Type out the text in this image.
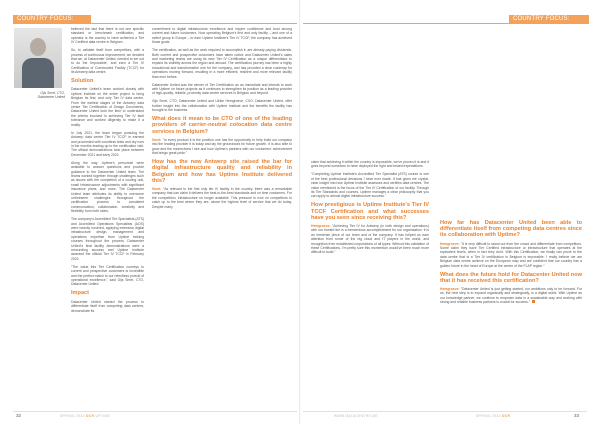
COUNTRY FOCUS:	COUNTRY FOCUS: BELGIUM
Gijs Smet, CTO,
Datacenter United

believed the fact that there is not one specific standard or benchmark certification, and operator is the country to have achieved a Tier IV Certified data centre in Belgium.

So, to validate itself from competitors, with a process of continuous improvement, we decided that we, at Datacenter United, needed to set out to do the 'impossible', and earn a Tier IV Certification of Constructed Facility (TCCF) for its Antwerp data centre.

Solution

Datacenter United's team worked closely with Uptime Institute on the entire project to bring Belgium its first, and only Tier IV data centre. From the earliest stages of the Antwerp data centre Tier Certification of Design Documents, Datacenter United took the time to understand the criteria involved in achieving Tier IV fault tolerance and worked diligently to make it a reality.

In July 2021, the team began pursuing the Antwerp data centre Tier IV TCCF in earnest and proceeded with countless tests and dry runs in the months leading up to the certification visit. The official demonstrations took place between December 2021 and early 2022.

Along the way, Uptime's personnel were available to answer questions and provide guidance to the Datacenter United team. The teams worked together through challenges such as issues with the completion of a cooling unit, small infrastructure adjustments with significant insurance plans, and more. The Datacenter United team attributes its ability to overcome unforeseen challenges throughout the certification process to consistent communication, collaboration, creativity and flexibility from both sides.

The company's Accredited Tier Specialists (ATS) and Accredited Operations Specialists (AOS) were heavily involved, applying extensive digital infrastructure design, management and operations expertise from Uptime training courses throughout the process. Datacenter United's final facility demonstrations were a resounding success and Uptime Institute awarded the official Tier IV TCCF in February 2022.

"The value this Tier Certification conveys to current and prospective customers is incredible and the perfect match to our relentless pursuit of operational excellence," said Gijs Smet, CTO, Datacenter United.

Impact

Datacenter United started the process to differentiate itself from competing data centres, demonstrate its

commitment to digital infrastructure excellence and inspire confidence and trust among current and future customers. Now operating Belgium's first and only facility – and one of a select group in Europe – to earn Uptime Institute's Tier IV TCCF, the company has achieved those goals.

The certification, as well as the work required to accomplish it, are already paying dividends. Both current and prospective customers have taken notice and Datacenter United's sales and marketing teams are using its new Tier IV Certification as a unique differentiator to expand its visibility across the region and abroad. The certification journey has been a highly educational and transformative one for the company, and has provided a clear roadmap for operations moving forward, resulting in a more efficient, resilient and more relevant facility than ever before.

Datacenter United was the winner of Tier Certification as an immediate and intends to work with Uptime on future projects as it continues to strengthen its position as a leading provider of high-quality, reliable, proximity data centre services in Belgium and beyond.

Gijs Smet, CTO, Datacenter United and Ulrike Hemgroeve, CXO, Datacenter United, offer further insight into the collaboration with Uptime Institute and the benefits the facility has brought to the business.

What does it mean to be CTO of one of the leading providers of carrier-neutral colocation data centre services in Belgium?

Smet: "In every product it is the position one has the opportunity to help build our company into the leading provider it is today and lay the groundwork for future growth. It is also able to grow and the connections I see and how Uptime's partners with our customers' achievement that brings great pride."

How has the new Antwerp site raised the bar for digital infrastructure quality and reliability in Belgium and how has Uptime Institute delivered this?

Smet: "As relevant to the first only tier IV facility in the country, there was a remarkable company that can claim it delivers the best-in-the-best standards and on time customers. For the competition, infrastructure no longer available. This pressure is now on competitors to catch up to the best where they are, above the highest level of service that we do today. Despite many

claim that achieving it within the country is impossible, we've proven it is and it goes beyond ourselves to have deployed the right and tested expectations.

"Completing Uptime Institute's Accredited Tier Specialist (ATS) course is one of the best professional decisions I have ever made. It has given me crystal-clear insight into how Uptime Institute assesses and certifies data centres. The value mentioned is the focus of the Tier IV Certification of our facility. Through its Tier Standards and courses, Uptime manages a clear philosophy that you can apply to almost digital infrastructure success."

How prestigious is Uptime Institute's Tier IV TCCF Certification and what successes have you seen since receiving this?

Hemgroeve: "Achieving Tier IV for Antwerp (in both design and operations) with our trusted tier is a tremendous accomplishment for our organisation. It is an immense piece of our team and of the company. It has helped us earn attention from some of the big cloud and IT players in the world, and recognition from established corporations of all types. Without this validation of these Certifications, I'm pretty sure this momentum would've been much more difficult to build."

How far has Datacenter United been able to differentiate itself from competing data centres since its collaboration with Uptime?

Hemgroeve: "It is very difficult to stand out from the crowd and differentiate from competitors. Some claim they have Tier Certified infrastructure or infrastructure that operates at the equivalent levels, when in fact they don't. With this Certification, we finally can prove to the data centre that is a Tier IV certification in Belgium is impossible. I really believe we are Belgium data centre achieve on the European map and are confident that our country has a golden future in the heart of Europe at the centre of the FLAP region."

What does the future hold for Datacenter United now that it has received this certification?

Hemgroeve: "Datacenter United is just getting started, our ambitions only to be forward. For us, the next step is to expand organically and strategically, in a digital world. With Uptime as our knowledge partner, we continue to empower data in a sustainable way and working with strong and reliable business partners is crucial for success."

32	SPRING 2024 DCR UPTIME	WWW.DATACENTRE.ME	SPRING 2024 DCR	33
